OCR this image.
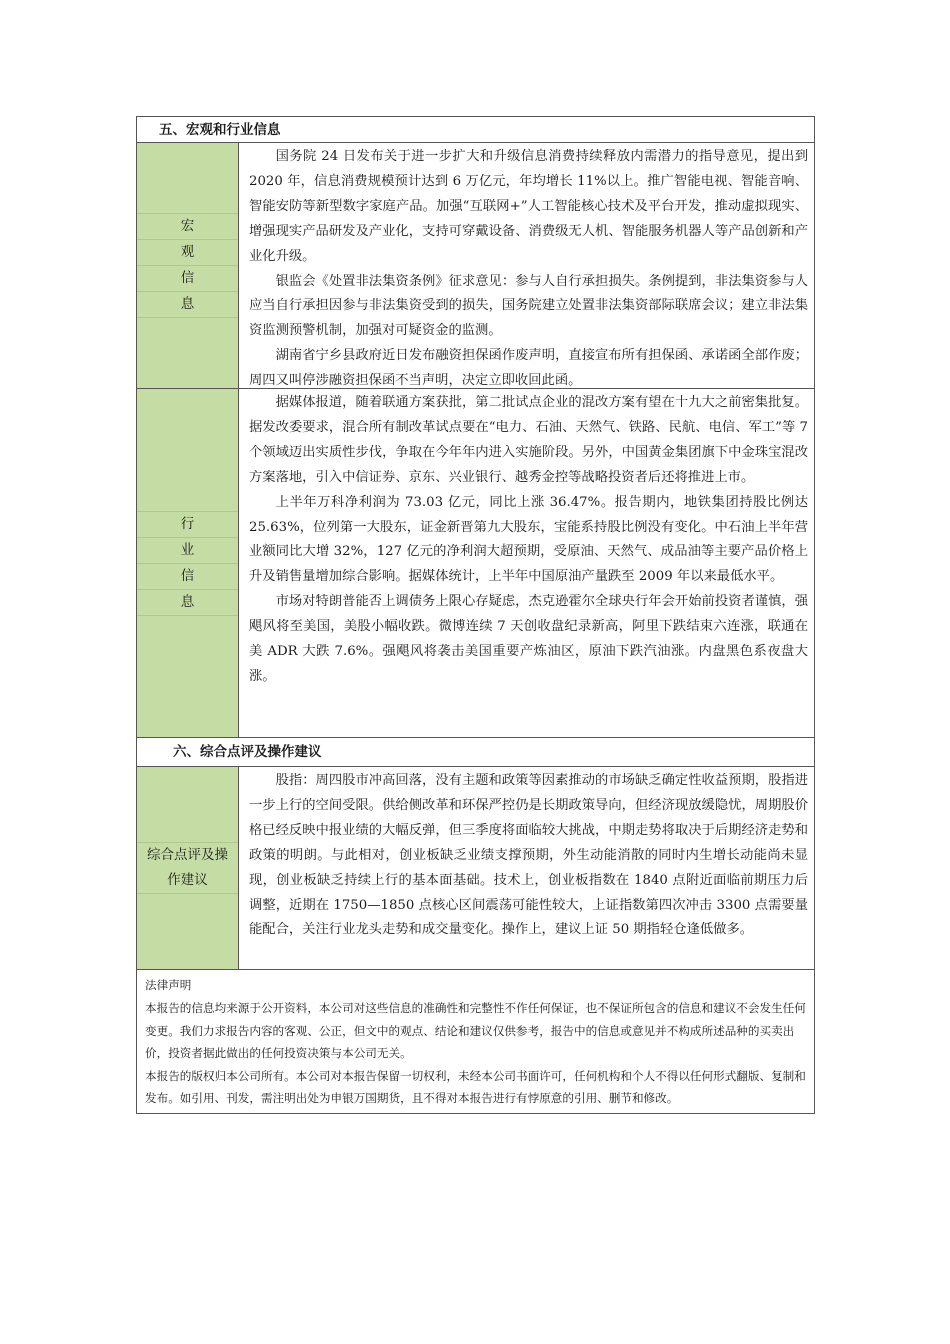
五、宏观和行业信息
宏
观
信
息

国务院 24 日发布关于进一步扩大和升级信息消费持续释放内需潜力的指导意见，提出到 2020 年，信息消费规模预计达到 6 万亿元，年均增长 11%以上。推广智能电视、智能音响、智能安防等新型数字家庭产品。加强“互联网+”人工智能核心技术及平台开发，推动虚拟现实、增强现实产品研发及产业化，支持可穿戴设备、消费级无人机、智能服务机器人等产品创新和产业化升级。

银监会《处置非法集资条例》征求意见：参与人自行承担损失。条例提到，非法集资参与人应当自行承担因参与非法集资受到的损失，国务院建立处置非法集资部际联席会议；建立非法集资监测预警机制，加强对可疑资金的监测。

湖南省宁乡县政府近日发布融资担保函作废声明，直接宣布所有担保函、承诺函全部作废；周四又叫停涉融资担保函不当声明，决定立即收回此函。

行
业
信
息

据媒体报道，随着联通方案获批，第二批试点企业的混改方案有望在十九大之前密集批复。据发改委要求，混合所有制改革试点要在“电力、石油、天然气、铁路、民航、电信、军工”等 7 个领域迈出实质性步伐，争取在今年年内进入实施阶段。另外，中国黄金集团旗下中金珠宝混改方案落地，引入中信证券、京东、兴业银行、越秀金控等战略投资者后还将推进上市。

上半年万科净利润为 73.03 亿元，同比上涨 36.47%。报告期内，地铁集团持股比例达 25.63%，位列第一大股东，证金新晋第九大股东，宝能系持股比例没有变化。中石油上半年营业额同比大增 32%，127 亿元的净利润大超预期，受原油、天然气、成品油等主要产品价格上升及销售量增加综合影响。据媒体统计，上半年中国原油产量跌至 2009 年以来最低水平。

市场对特朗普能否上调债务上限心存疑虑，杰克逊霍尔全球央行年会开始前投资者谨慎，强飓风将至美国，美股小幅收跌。微博连续 7 天创收盘纪录新高，阿里下跌结束六连涨，联通在美 ADR 大跌 7.6%。强飓风将袭击美国重要产炼油区，原油下跌汽油涨。内盘黑色系夜盘大涨。

六、综合点评及操作建议
综合点评及操作建议

股指：周四股市冲高回落，没有主题和政策等因素推动的市场缺乏确定性收益预期，股指进一步上行的空间受限。供给侧改革和环保严控仍是长期政策导向，但经济现放缓隐忧，周期股价格已经反映中报业绩的大幅反弹，但三季度将面临较大挑战，中期走势将取决于后期经济走势和政策的明朗。与此相对，创业板缺乏业绩支撑预期，外生动能消散的同时内生增长动能尚未显现，创业板缺乏持续上行的基本面基础。技术上，创业板指数在 1840 点附近面临前期压力后调整，近期在 1750—1850 点核心区间震荡可能性较大，上证指数第四次冲击 3300 点需要量能配合，关注行业龙头走势和成交量变化。操作上，建议上证 50 期指轻仓逢低做多。

法律声明

本报告的信息均来源于公开资料，本公司对这些信息的准确性和完整性不作任何保证，也不保证所包含的信息和建议不会发生任何变更。我们力求报告内容的客观、公正，但文中的观点、结论和建议仅供参考，报告中的信息或意见并不构成所述品种的买卖出价，投资者据此做出的任何投资决策与本公司无关。

本报告的版权归本公司所有。本公司对本报告保留一切权利，未经本公司书面许可，任何机构和个人不得以任何形式翻版、复制和发布。如引用、刊发，需注明出处为申银万国期货，且不得对本报告进行有悖原意的引用、删节和修改。
